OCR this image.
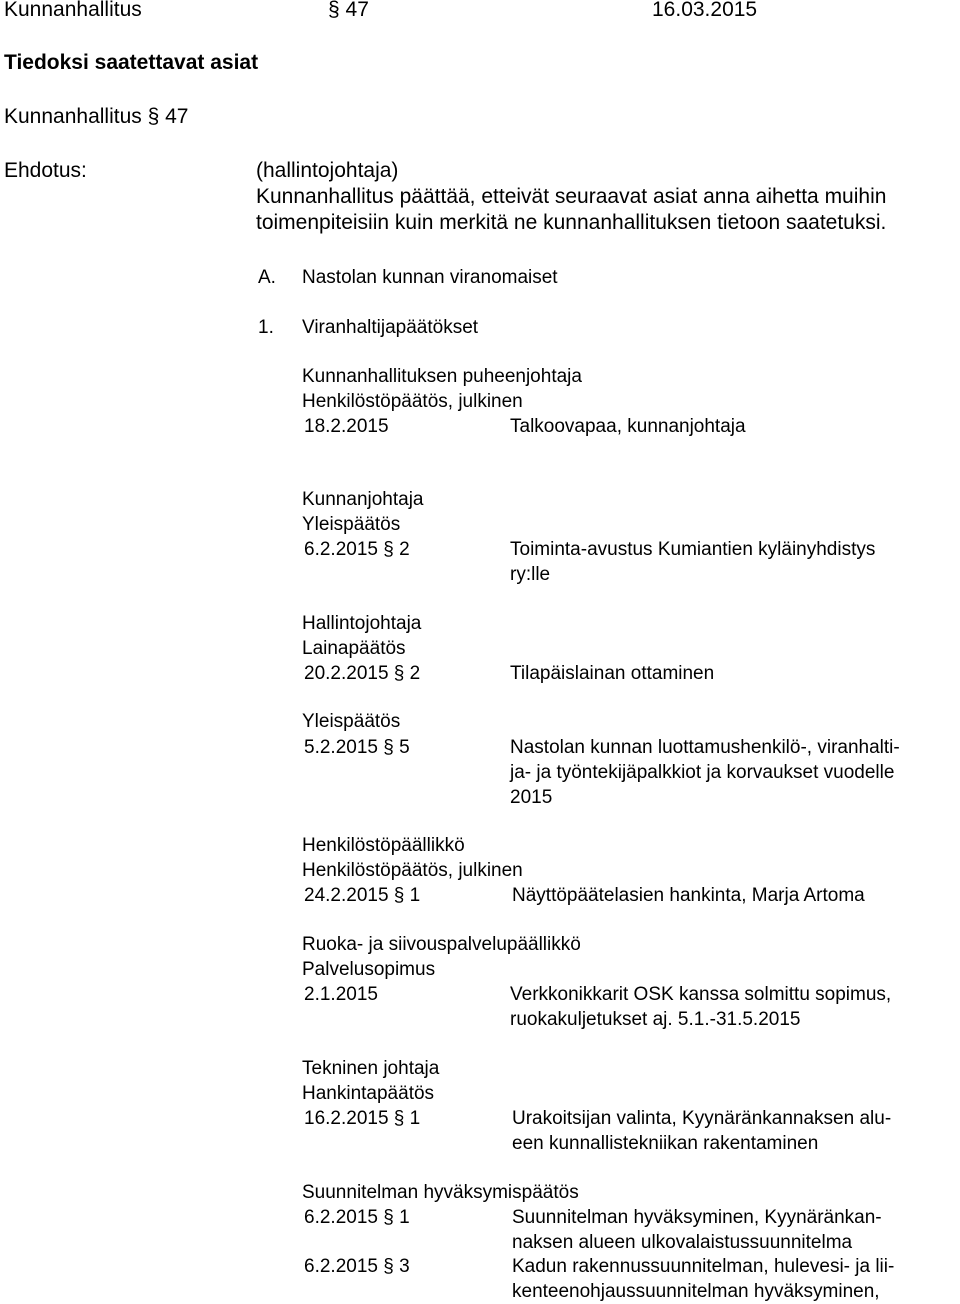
Kunnanhallitus	§ 47	16.03.2015
Tiedoksi saatettavat asiat
Kunnanhallitus § 47
Ehdotus:	(hallintojohtaja)
Kunnanhallitus päättää, etteivät seuraavat asiat anna aihetta muihin
toimenpiteisiin kuin merkitä ne kunnanhallituksen tietoon saatetuksi.
A. Nastolan kunnan viranomaiset
1. Viranhaltijapäätökset
Kunnanhallituksen puheenjohtaja
Henkilöstöpäätös, julkinen
18.2.2015	Talkoovapaa, kunnanjohtaja
Kunnanjohtaja
Yleispäätös
6.2.2015 § 2	Toiminta-avustus Kumiantien kyläinyhdistys
ry:lle
Hallintojohtaja
Lainapäätös
20.2.2015 § 2	Tilapäislainan ottaminen
Yleispäätös
5.2.2015 § 5	Nastolan kunnan luottamushenkilö-, viranhalti-
ja- ja työntekijäpalkkiot ja korvaukset vuodelle
2015
Henkilöstöpäällikkö
Henkilöstöpäätös, julkinen
24.2.2015 § 1	Näyttöpäätelasien hankinta, Marja Artoma
Ruoka- ja siivouspalvelupäällikkö
Palvelusopimus
2.1.2015	Verkkonikkarit OSK kanssa solmittu sopimus,
ruokakuljetukset aj. 5.1.-31.5.2015
Tekninen johtaja
Hankintapäätös
16.2.2015 § 1	Urakoitsijan valinta, Kyynäränkannaksen alu-
een kunnallistekniikan rakentaminen
Suunnitelman hyväksymispäätös
6.2.2015 § 1	Suunnitelman hyväksyminen, Kyynäränkan-
naksen alueen ulkovalaistussuunnitelma
6.2.2015 § 3	Kadun rakennussuunnitelman, hulevesi- ja lii-
kenteenohjaussuunnitelman hyväksyminen,
